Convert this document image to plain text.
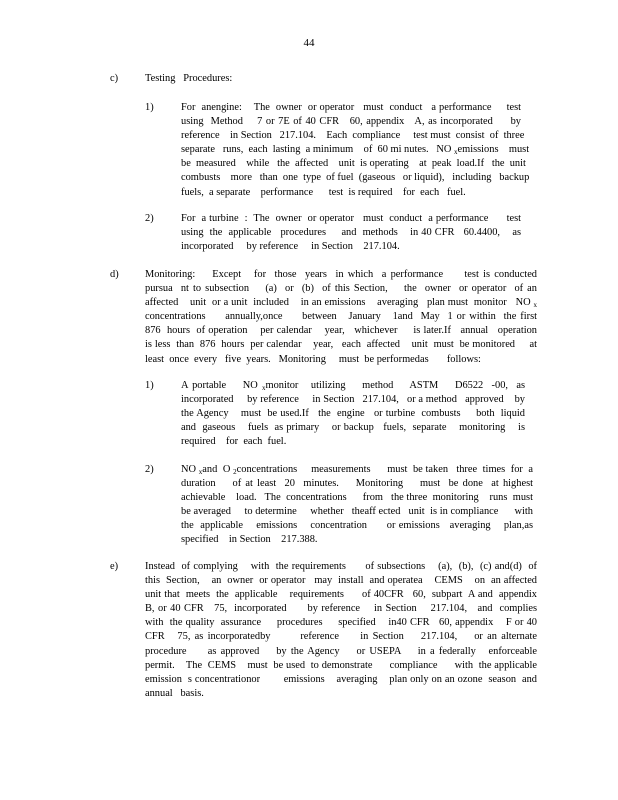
44
c)	Testing   Procedures:
1)	For  anengine:    The  owner  or operator   must  conduct   a performance     test
using  Method    7 or 7E of 40 CFR   60, appendix   A, as incorporated     by
reference    in Section   217.104.    Each  compliance     test must  consist  of  three
separate   runs,  each  lasting  a minimum    of  60 mi nutes.   NO $_x$emissions    must
be  measured    while   the  affected    unit  is operating    at  peak  load.If   the  unit
combusts    more   than  one  type  of fuel  (gaseous   or liquid),   including   backup
fuels,  a separate    performance      test  is required    for  each   fuel.
2)	For  a turbine  :  The  owner  or operator   must  conduct  a performance      test
using  the  applicable   procedures     and  methods    in 40 CFR   60.4400,    as
incorporated     by reference     in Section    217.104.
d)	Monitoring:    Except   for  those  years  in which  a performance     test is conducted
pursua  nt to subsection    (a)  or  (b)  of this Section,    the  owner  or operator  of an
affected    unit  or a unit  included    in an emissions    averaging   plan must  monitor   NO $_x$
concentrations     annually,once     between   January   1and  May  1 or within  the first
876  hours  of operation    per calendar    year,   whichever     is later.If   annual   operation
is less  than  876  hours  per calendar    year,   each  affected    unit  must  be monitored     at
least  once  every   five  years.   Monitoring     must  be performedas       follows:
1)	A portable    NO $_x$monitor   utilizing    method    ASTM    D6522  -00,  as
incorporated     by reference     in Section   217.104,   or a method   approved    by
the Agency    must  be used.If   the  engine   or turbine  combusts     both  liquid
and  gaseous    fuels  as primary    or backup   fuels,  separate    monitoring    is
required    for  each  fuel.
2)	NO $_x$and  O $_2$concentrations     measurements      must  be taken   three  times  for  a
duration    of at least  20  minutes.    Monitoring    must  be done  at highest
achievable    load.   The  concentrations      from   the three  monitoring    runs  must
be averaged     to determine     whether   theaff ected   unit  is in compliance      with
the  applicable    emissions    concentration      or emissions   averaging    plan,as
specified    in Section    217.388.
e)	Instead  of complying    with  the requirements      of subsections    (a),  (b),  (c) and(d)  of
this  Section,    an  owner  or operator   may  install  and operatea    CEMS    on  an affected
unit that  meets  the  applicable    requirements      of 40CFR   60,  subpart  A and  appendix
B, or 40 CFR   75,  incorporated      by reference    in Section    217.104,   and  complies
with  the quality  assurance     procedures     specified    in40 CFR   60, appendix    F or 40
CFR   75, as incorporatedby       reference     in Section    217.104,    or an alternate
procedure     as approved    by the Agency    or USEPA    in a federally   enforceable
permit.    The  CEMS    must  be used  to demonstrate      compliance      with  the applicable
emission  s concentrationor        emissions    averaging    plan only on an ozone  season  and
annual   basis.
